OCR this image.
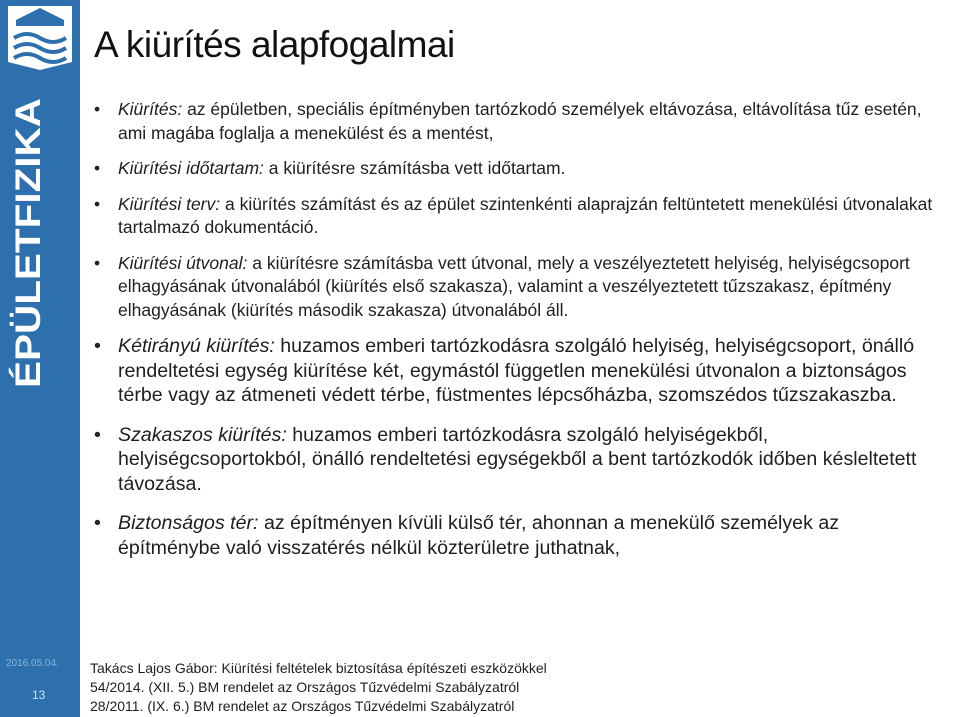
ÉPÜLETFIZIKA
2016.05.04.
13
A kiürítés alapfogalmai
• Kiürítés: az épületben, speciális építményben tartózkodó személyek eltávozása, eltávolítása tűz esetén, ami magába foglalja a menekülést és a mentést,
• Kiürítési időtartam: a kiürítésre számításba vett időtartam.
• Kiürítési terv: a kiürítés számítást és az épület szintenkénti alaprajzán feltüntetett menekülési útvonalakat tartalmazó dokumentáció.
• Kiürítési útvonal: a kiürítésre számításba vett útvonal, mely a veszélyeztetett helyiség, helyiségcsoport elhagyásának útvonalából (kiürítés első szakasza), valamint a veszélyeztetett tűzszakasz, építmény elhagyásának (kiürítés második szakasza) útvonalából áll.
• Kétirányú kiürítés: huzamos emberi tartózkodásra szolgáló helyiség, helyiségcsoport, önálló rendeltetési egység kiürítése két, egymástól független menekülési útvonalon a biztonságos térbe vagy az átmeneti védett térbe, füstmentes lépcsőházba, szomszédos tűzszakaszba.
• Szakaszos kiürítés: huzamos emberi tartózkodásra szolgáló helyiségekből, helyiségcsoportokból, önálló rendeltetési egységekből a bent tartózkodók időben késleltetett távozása.
• Biztonságos tér: az építményen kívüli külső tér, ahonnan a menekülő személyek az építménybe való visszatérés nélkül közterületre juthatnak,
Takács Lajos Gábor: Kiürítési feltételek biztosítása építészeti eszközökkel
54/2014. (XII. 5.) BM rendelet az Országos Tűzvédelmi Szabályzatról
28/2011. (IX. 6.) BM rendelet az Országos Tűzvédelmi Szabályzatról
